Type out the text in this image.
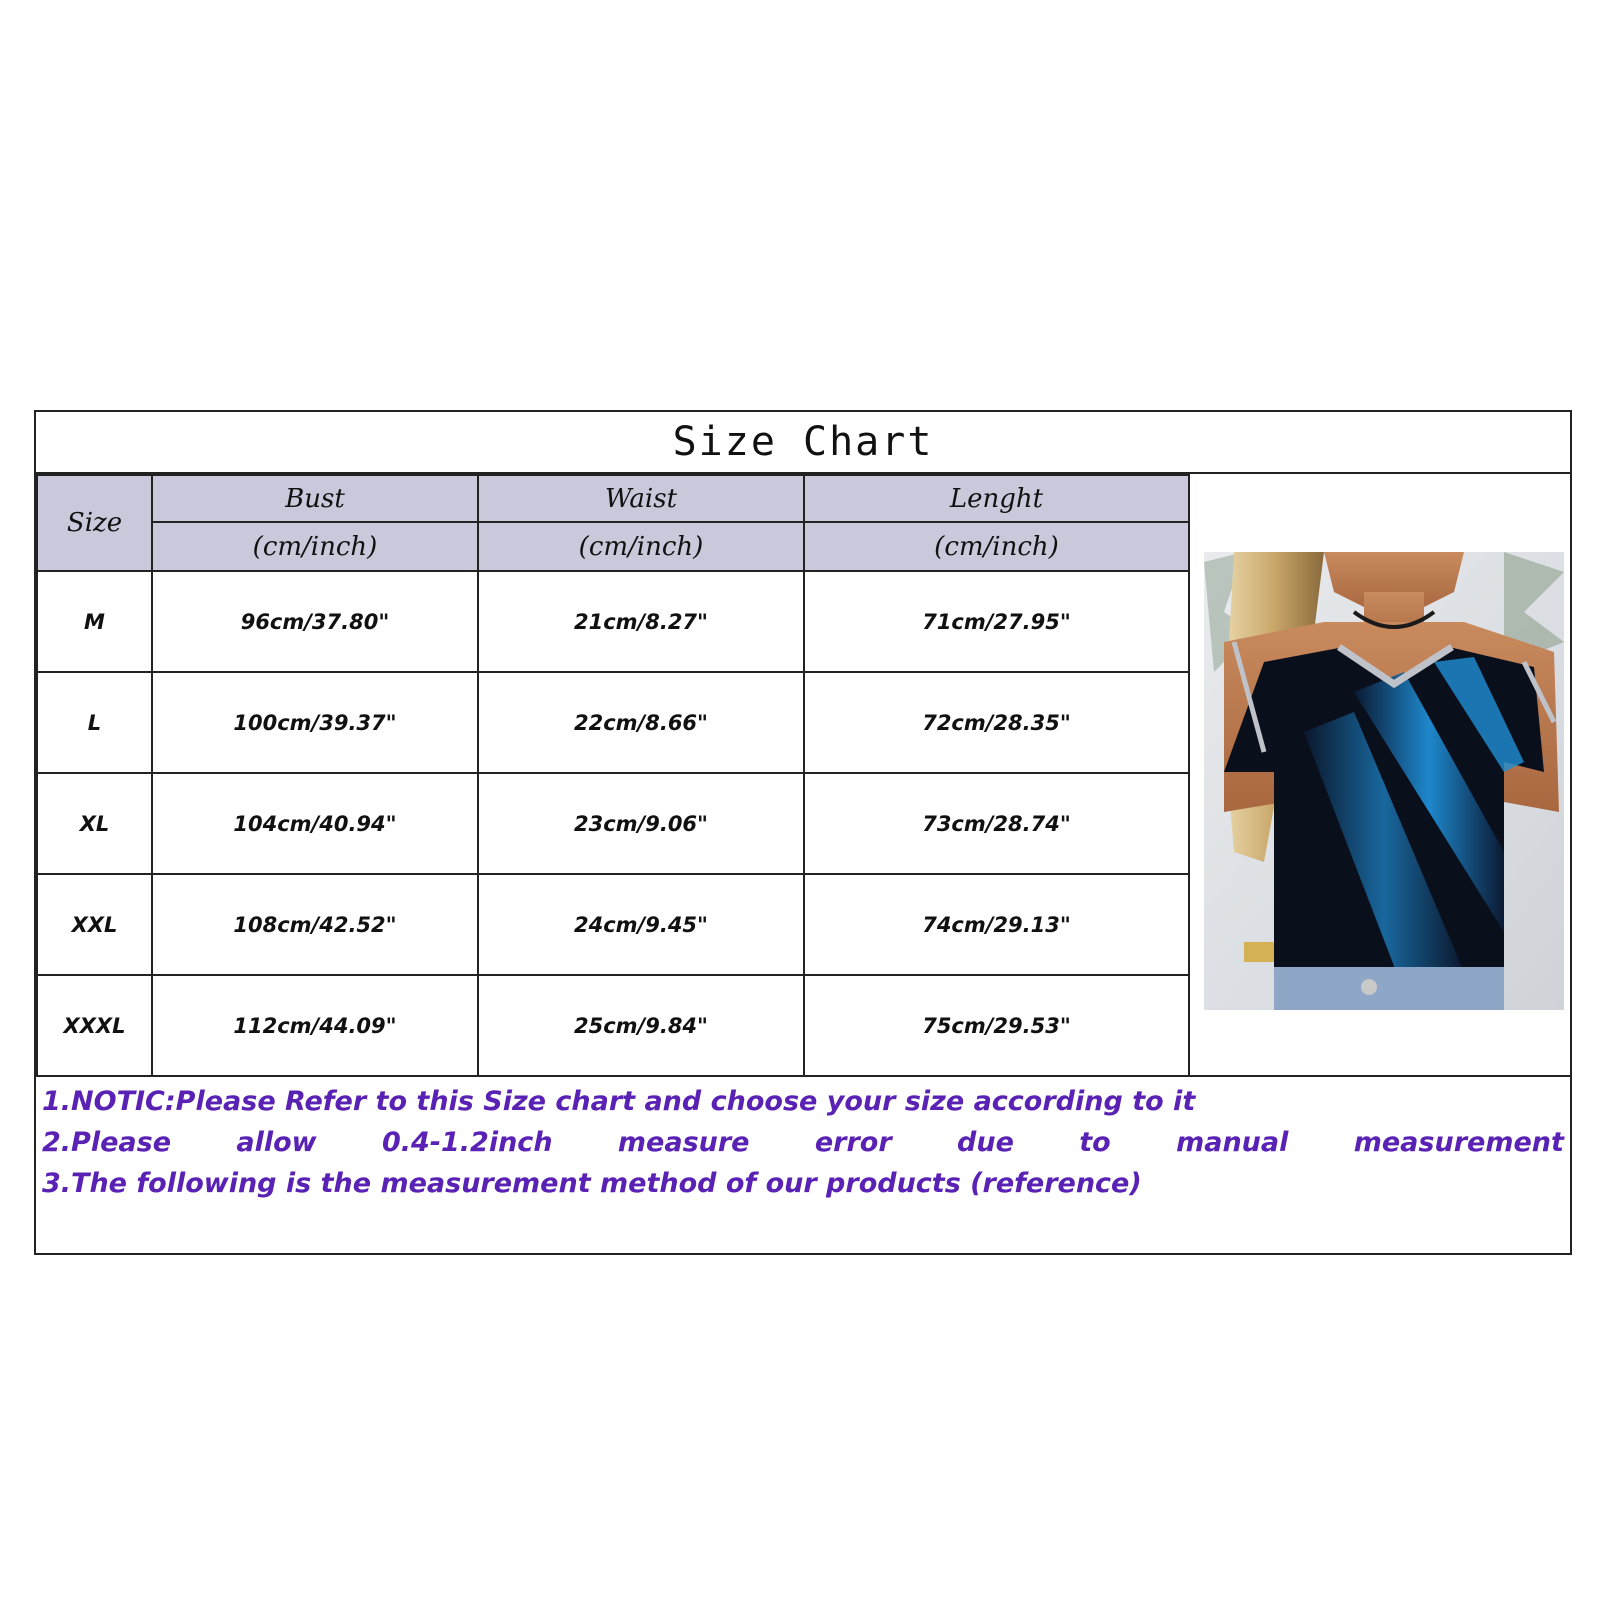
Size Chart
Size	Bust	Waist	Lenght
	(cm/inch)	(cm/inch)	(cm/inch)
M	96cm/37.80"	21cm/8.27"	71cm/27.95"
L	100cm/39.37"	22cm/8.66"	72cm/28.35"
XL	104cm/40.94"	23cm/9.06"	73cm/28.74"
XXL	108cm/42.52"	24cm/9.45"	74cm/29.13"
XXXL	112cm/44.09"	25cm/9.84"	75cm/29.53"
1.NOTIC:Please Refer to this Size chart and choose your size according to it
2.Please allow 0.4-1.2inch measure error due to manual measurement
3.The following is the measurement method of our products (reference)
